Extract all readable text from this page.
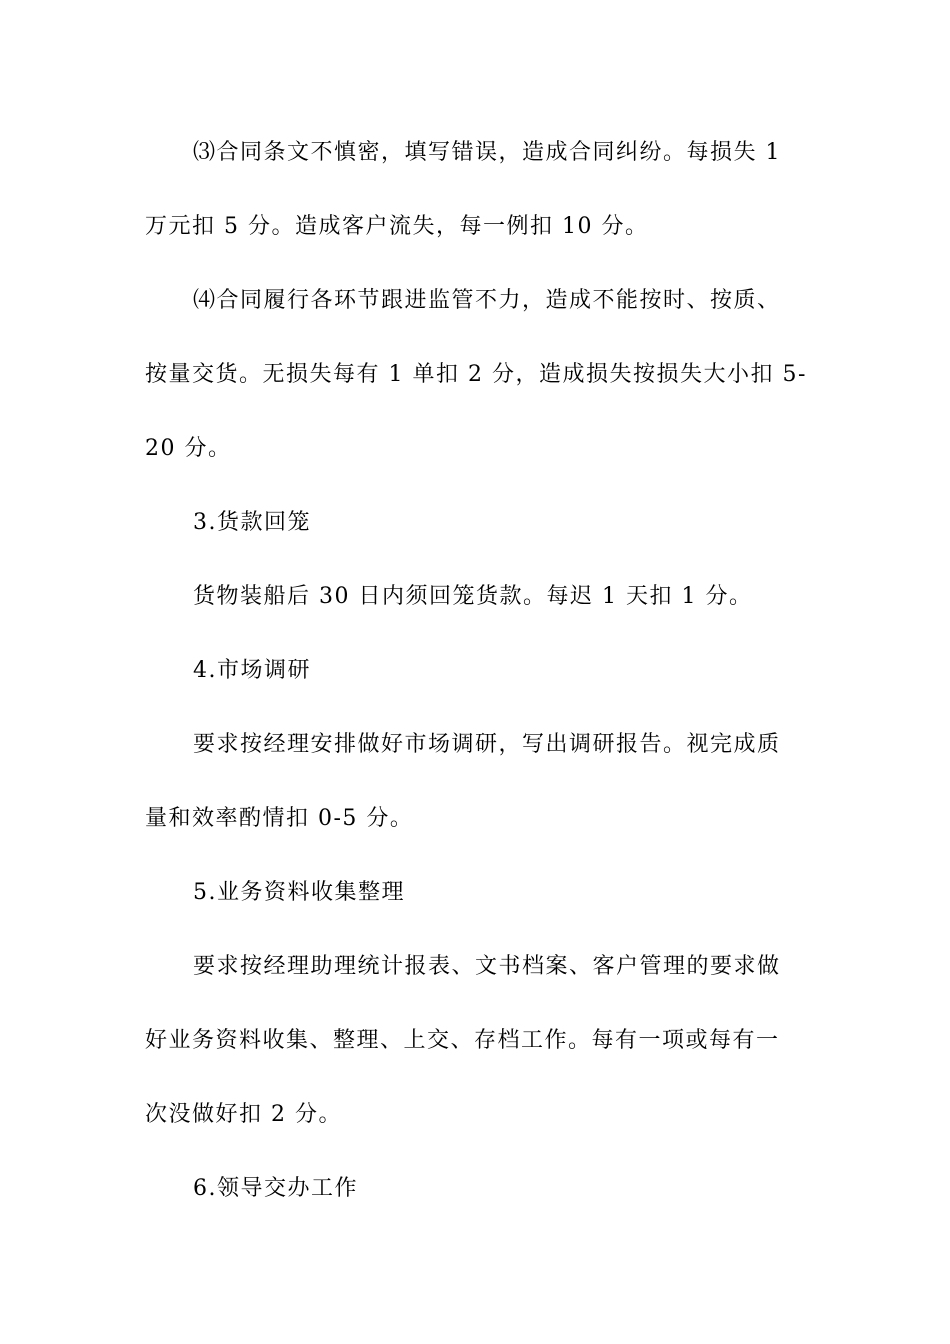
⑶合同条文不慎密，填写错误，造成合同纠纷。每损失 1
万元扣 5 分。造成客户流失，每一例扣 10 分。
⑷合同履行各环节跟进监管不力，造成不能按时、按质、
按量交货。无损失每有 1 单扣 2 分，造成损失按损失大小扣 5-
20 分。
3.货款回笼
货物装船后 30 日内须回笼货款。每迟 1 天扣 1 分。
4.市场调研
要求按经理安排做好市场调研，写出调研报告。视完成质
量和效率酌情扣 0-5 分。
5.业务资料收集整理
要求按经理助理统计报表、文书档案、客户管理的要求做
好业务资料收集、整理、上交、存档工作。每有一项或每有一
次没做好扣 2 分。
6.领导交办工作
